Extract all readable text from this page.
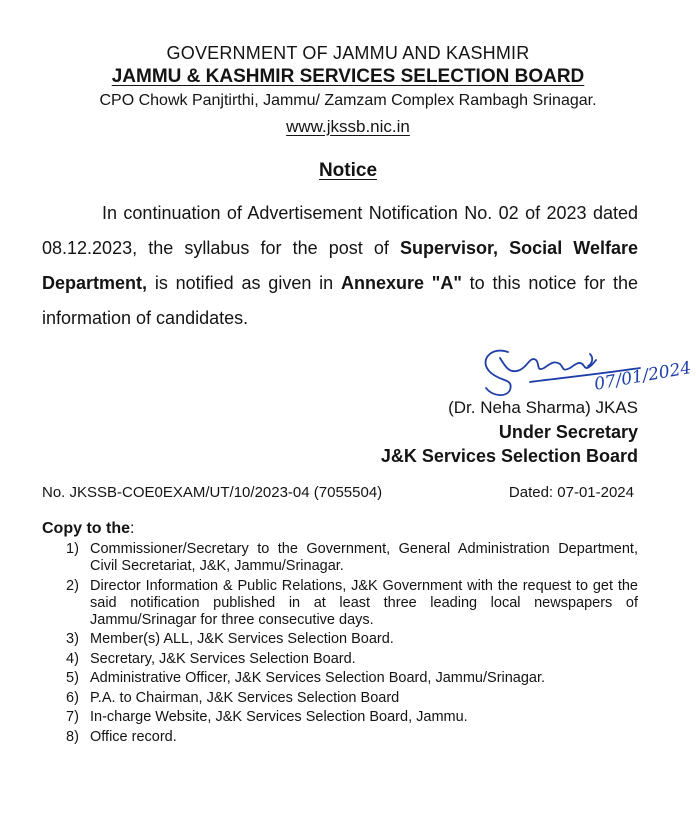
GOVERNMENT OF JAMMU AND KASHMIR
JAMMU & KASHMIR SERVICES SELECTION BOARD
CPO Chowk Panjtirthi, Jammu/ Zamzam Complex Rambagh Srinagar.
www.jkssb.nic.in
Notice

In continuation of Advertisement Notification No. 02 of 2023 dated 08.12.2023, the syllabus for the post of Supervisor, Social Welfare Department, is notified as given in Annexure "A" to this notice for the information of candidates.

07/01/2024
(Dr. Neha Sharma) JKAS
Under Secretary
J&K Services Selection Board
No. JKSSB-COE0EXAM/UT/10/2023-04 (7055504)	Dated: 07-01-2024
Copy to the:
1) Commissioner/Secretary to the Government, General Administration Department, Civil Secretariat, J&K, Jammu/Srinagar.
2) Director Information & Public Relations, J&K Government with the request to get the said notification published in at least three leading local newspapers of Jammu/Srinagar for three consecutive days.
3) Member(s) ALL, J&K Services Selection Board.
4) Secretary, J&K Services Selection Board.
5) Administrative Officer, J&K Services Selection Board, Jammu/Srinagar.
6) P.A. to Chairman, J&K Services Selection Board
7) In-charge Website, J&K Services Selection Board, Jammu.
8) Office record.
